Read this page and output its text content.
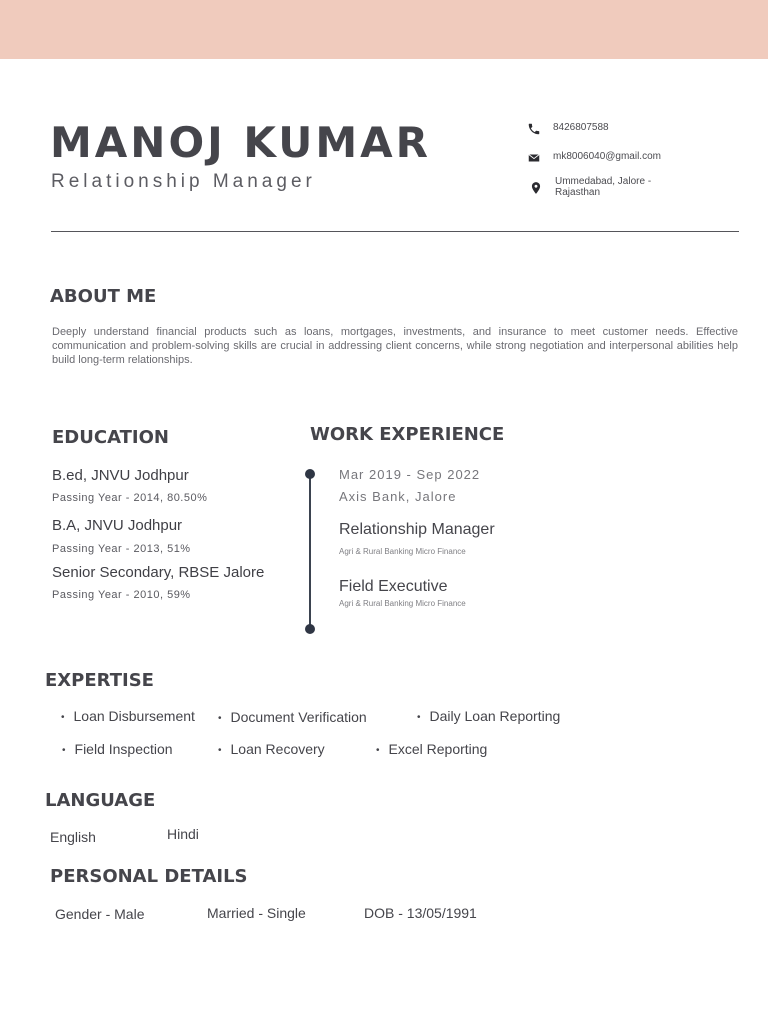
MANOJ KUMAR
Relationship Manager
8426807588
mk8006040@gmail.com
Ummedabad, Jalore -
Rajasthan
ABOUT ME
Deeply understand financial products such as loans, mortgages, investments, and insurance to meet customer needs. Effective communication and problem-solving skills are crucial in addressing client concerns, while strong negotiation and interpersonal abilities help build long-term relationships.
EDUCATION
B.ed, JNVU Jodhpur
Passing Year - 2014, 80.50%
B.A, JNVU Jodhpur
Passing Year - 2013, 51%
Senior Secondary, RBSE Jalore
Passing Year - 2010, 59%
WORK EXPERIENCE
Mar 2019 - Sep 2022
Axis Bank, Jalore
Relationship Manager
Agri & Rural Banking Micro Finance
Field Executive
Agri & Rural Banking Micro Finance
EXPERTISE
• Loan Disbursement • Document Verification	• Daily Loan Reporting
• Field Inspection	• Loan Recovery	• Excel Reporting
LANGUAGE
English	Hindi
PERSONAL DETAILS
Gender - Male	Married - Single	DOB - 13/05/1991
